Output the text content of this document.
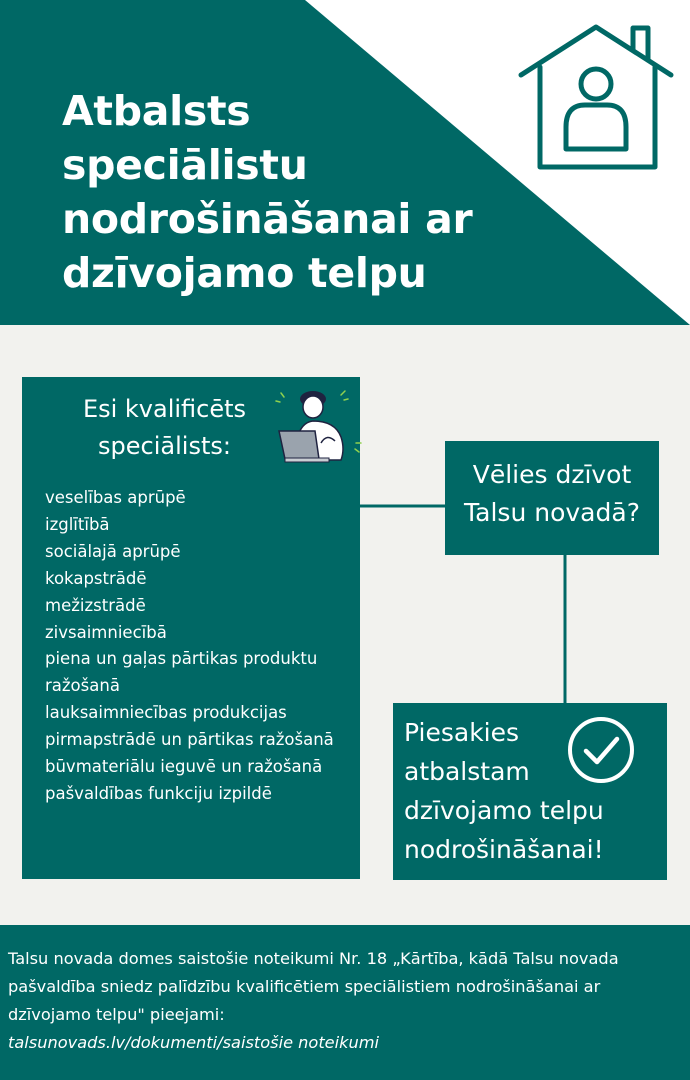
Atbalsts speciālistu nodrošināšanai ar dzīvojamo telpu
Esi kvalificēts speciālists:
veselības aprūpē
izglītībā
sociālajā aprūpē
kokapstrādē
mežizstrādē
zivsaimniecībā
piena un gaļas pārtikas produktu ražošanā
lauksaimniecības produkcijas pirmapstrādē un pārtikas ražošanā
būvmateriālu ieguvē un ražošanā
pašvaldības funkciju izpildē

Vēlies dzīvot Talsu novadā?

Piesakies atbalstam dzīvojamo telpu nodrošināšanai!

Talsu novada domes saistošie noteikumi Nr. 18 „Kārtība, kādā Talsu novada pašvaldība sniedz palīdzību kvalificētiem speciālistiem nodrošināšanai ar dzīvojamo telpu" pieejami:

talsunovads.lv/dokumenti/saistošie noteikumi
